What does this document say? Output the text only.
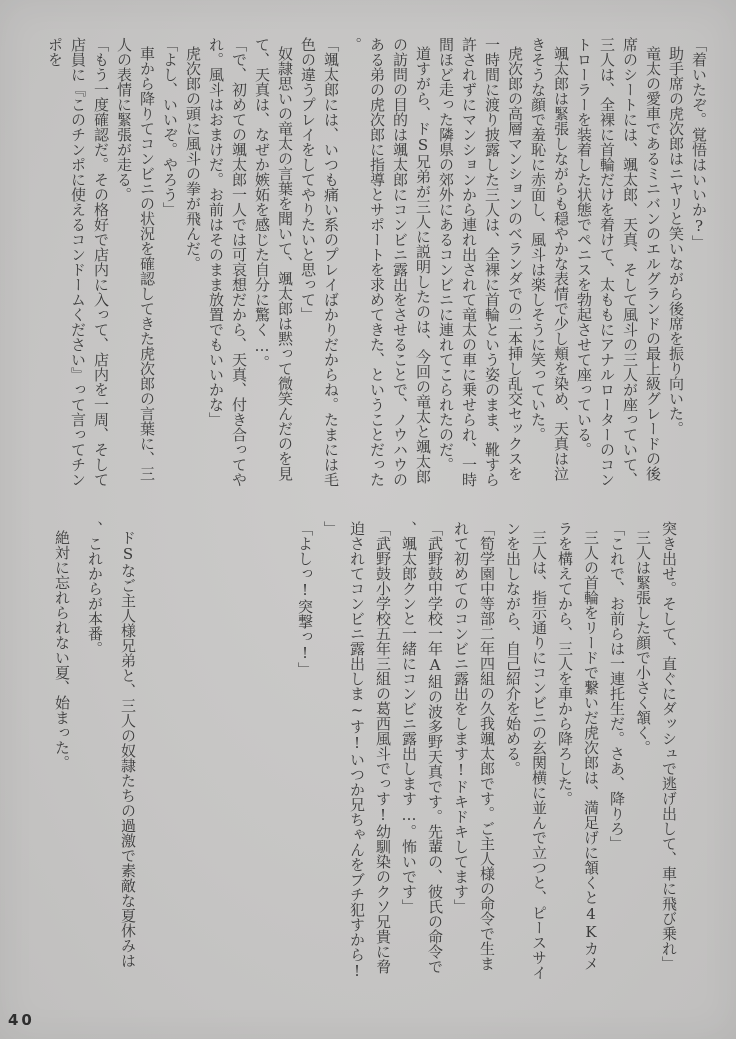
「着いたぞ。覚悟はいいか?」

助手席の虎次郎はニヤリと笑いながら後席を振り向いた。

竜太の愛車であるミニバンのエルグランドの最上級グレードの後席のシートには、颯太郎、天真、そして風斗の三人が座っていて、三人は、全裸に首輪だけを着けて、太ももにアナルローターのコントローラーを装着した状態でペニスを勃起させて座っている。

颯太郎は緊張しながらも穏やかな表情で少し頬を染め、天真は泣きそうな顔で羞恥に赤面し、風斗は楽しそうに笑っていた。

虎次郎の高層マンションのベランダでの二本挿し乱交セックスを一時間に渡り披露した三人は、全裸に首輪という姿のまま、靴すら許されずにマンションから連れ出されて竜太の車に乗せられ、一時間ほど走った隣県の郊外にあるコンビニに連れてこられたのだ。

道すがら、ドS兄弟が三人に説明したのは、今回の竜太と颯太郎の訪問の目的は颯太郎にコンビニ露出をさせることで、ノウハウのある弟の虎次郎に指導とサポートを求めてきた、ということだった。

「颯太郎には、いつも痛い系のプレイばかりだからね。たまには毛色の違うプレイをしてやりたいと思って」

奴隷思いの竜太の言葉を聞いて、颯太郎は黙って微笑んだのを見て、天真は、なぜか嫉妬を感じた自分に驚く…。

「で、初めての颯太郎一人では可哀想だから、天真、付き合ってやれ。風斗はおまけだ。お前はそのまま放置でもいいかな」

虎次郎の頭に風斗の拳が飛んだ。

「よし、いいぞ。やろう」

車から降りてコンビニの状況を確認してきた虎次郎の言葉に、三人の表情に緊張が走る。

「もう一度確認だ。その格好で店内に入って、店内を一周、そして店員に『このチンポに使えるコンドームください』って言ってチンポを

突き出せ。そして、直ぐにダッシュで逃げ出して、車に飛び乗れ」

三人は緊張した顔で小さく頷く。

「これで、お前らは一連托生だ。さあ、降りろ」

三人の首輪をリードで繋いだ虎次郎は、満足げに頷くと4Kカメラを構えてから、三人を車から降ろした。

三人は、指示通りにコンビニの玄関横に並んで立つと、ピースサインを出しながら、自己紹介を始める。

「筍学園中等部二年四組の久我颯太郎です。ご主人様の命令で生まれて初めてのコンビニ露出をします!ドキドキしてます」

「武野鼓中学校一年A組の波多野天真です。先輩の、彼氏の命令で、颯太郎クンと一緒にコンビニ露出します…。怖いです」

「武野鼓小学校五年三組の葛西風斗でっす!幼馴染のクソ兄貴に脅迫されてコンビニ露出しま~す!いつか兄ちゃんをブチ犯すから!」

「よしっ!突撃っ!」

ドSなご主人様兄弟と、三人の奴隷たちの過激で素敵な夏休みは、これからが本番。

絶対に忘れられない夏、始まった。

40
